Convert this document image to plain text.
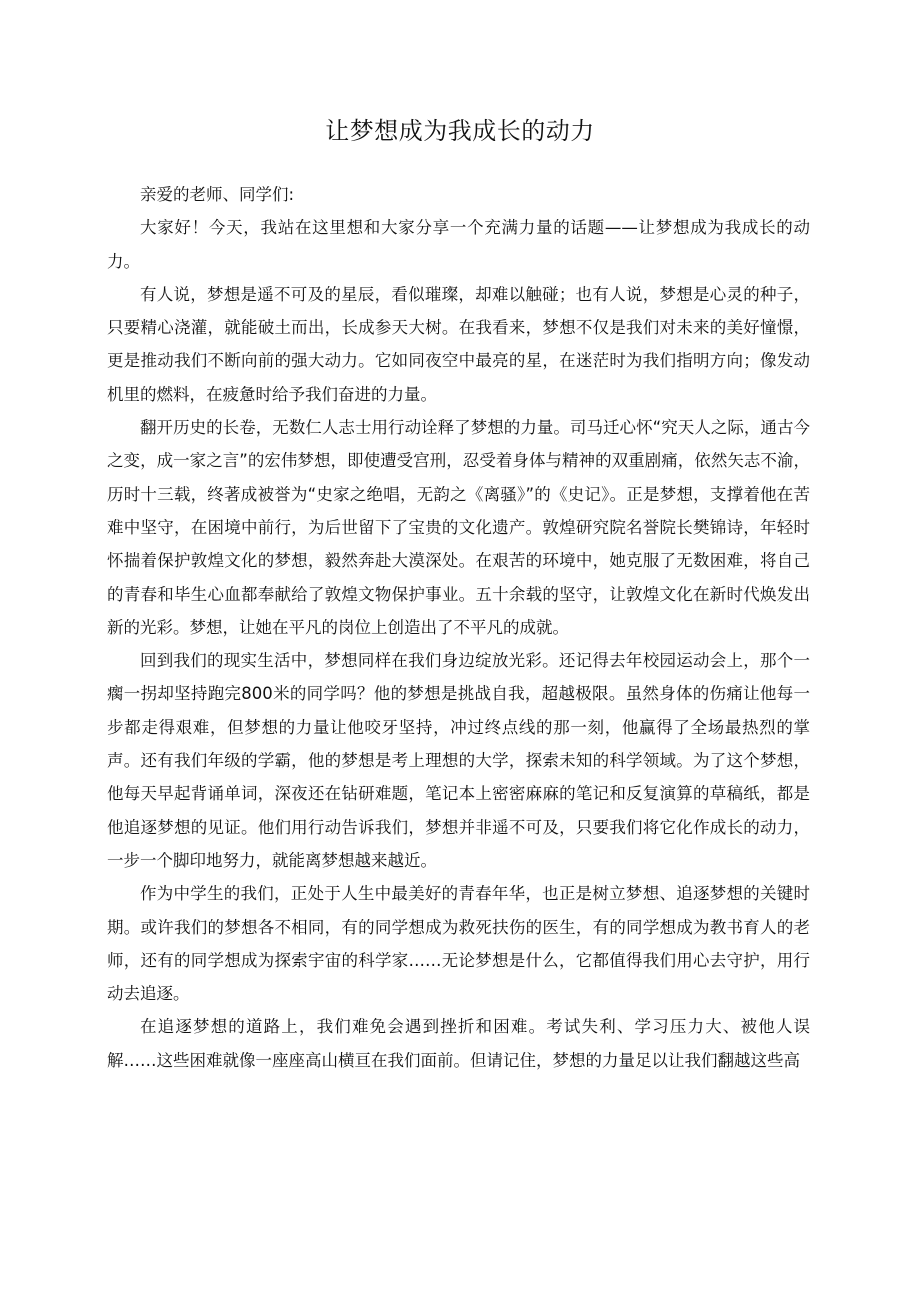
让梦想成为我成长的动力

亲爱的老师、同学们:

大家好！今天，我站在这里想和大家分享一个充满力量的话题——让梦想成为我成长的动力。

有人说，梦想是遥不可及的星辰，看似璀璨，却难以触碰；也有人说，梦想是心灵的种子，只要精心浇灌，就能破土而出，长成参天大树。在我看来，梦想不仅是我们对未来的美好憧憬，更是推动我们不断向前的强大动力。它如同夜空中最亮的星，在迷茫时为我们指明方向；像发动机里的燃料，在疲惫时给予我们奋进的力量。

翻开历史的长卷，无数仁人志士用行动诠释了梦想的力量。司马迁心怀“究天人之际，通古今之变，成一家之言”的宏伟梦想，即使遭受宫刑，忍受着身体与精神的双重剧痛，依然矢志不渝，历时十三载，终著成被誉为“史家之绝唱，无韵之《离骚》”的《史记》。正是梦想，支撑着他在苦难中坚守，在困境中前行，为后世留下了宝贵的文化遗产。敦煌研究院名誉院长樊锦诗，年轻时怀揣着保护敦煌文化的梦想，毅然奔赴大漠深处。在艰苦的环境中，她克服了无数困难，将自己的青春和毕生心血都奉献给了敦煌文物保护事业。五十余载的坚守，让敦煌文化在新时代焕发出新的光彩。梦想，让她在平凡的岗位上创造出了不平凡的成就。

回到我们的现实生活中，梦想同样在我们身边绽放光彩。还记得去年校园运动会上，那个一瘸一拐却坚持跑完800米的同学吗？他的梦想是挑战自我，超越极限。虽然身体的伤痛让他每一步都走得艰难，但梦想的力量让他咬牙坚持，冲过终点线的那一刻，他赢得了全场最热烈的掌声。还有我们年级的学霸，他的梦想是考上理想的大学，探索未知的科学领域。为了这个梦想，他每天早起背诵单词，深夜还在钻研难题，笔记本上密密麻麻的笔记和反复演算的草稿纸，都是他追逐梦想的见证。他们用行动告诉我们，梦想并非遥不可及，只要我们将它化作成长的动力，一步一个脚印地努力，就能离梦想越来越近。

作为中学生的我们，正处于人生中最美好的青春年华，也正是树立梦想、追逐梦想的关键时期。或许我们的梦想各不相同，有的同学想成为救死扶伤的医生，有的同学想成为教书育人的老师，还有的同学想成为探索宇宙的科学家……无论梦想是什么，它都值得我们用心去守护，用行动去追逐。

在追逐梦想的道路上，我们难免会遇到挫折和困难。考试失利、学习压力大、被他人误解……这些困难就像一座座高山横亘在我们面前。但请记住，梦想的力量足以让我们翻越这些高
